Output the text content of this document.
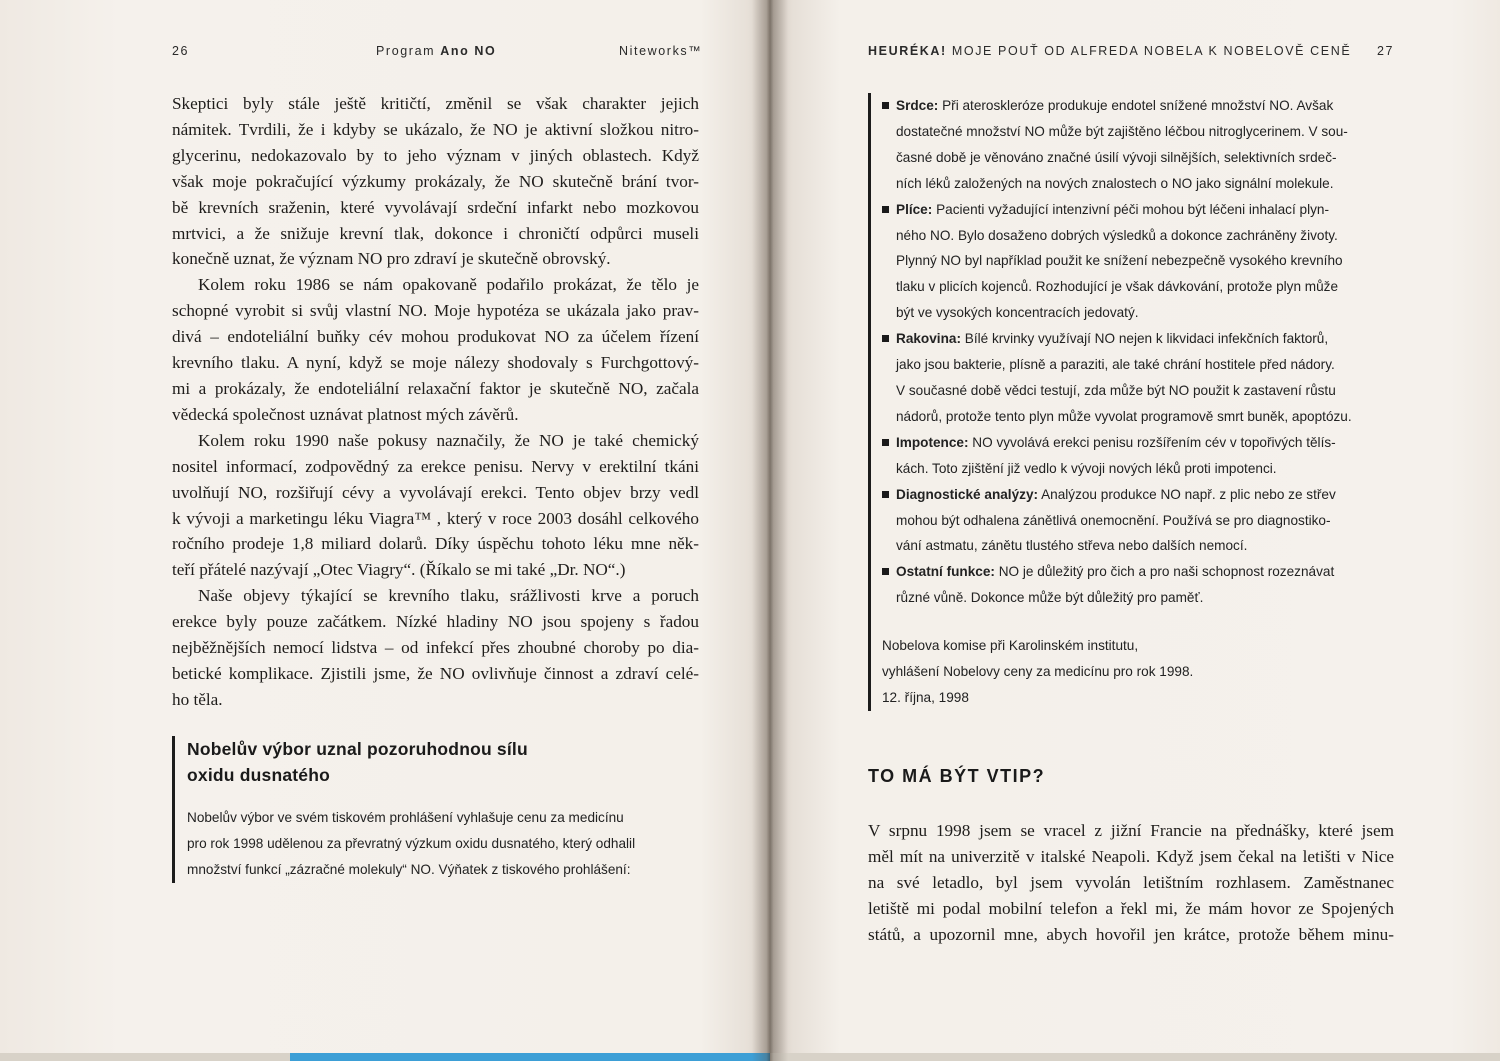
26	Program Ano NO	Niteworks™

Skeptici byly stále ještě kritičtí, změnil se však charakter jejich
námitek. Tvrdili, že i kdyby se ukázalo, že NO je aktivní složkou nitro-
glycerinu, nedokazovalo by to jeho význam v jiných oblastech. Když
však moje pokračující výzkumy prokázaly, že NO skutečně brání tvor-
bě krevních sraženin, které vyvolávají srdeční infarkt nebo mozkovou
mrtvici, a že snižuje krevní tlak, dokonce i chroničtí odpůrci museli
konečně uznat, že význam NO pro zdraví je skutečně obrovský.

Kolem roku 1986 se nám opakovaně podařilo prokázat, že tělo je
schopné vyrobit si svůj vlastní NO. Moje hypotéza se ukázala jako prav-
divá – endoteliální buňky cév mohou produkovat NO za účelem řízení
krevního tlaku. A nyní, když se moje nálezy shodovaly s Furchgottový-
mi a prokázaly, že endoteliální relaxační faktor je skutečně NO, začala
vědecká společnost uznávat platnost mých závěrů.

Kolem roku 1990 naše pokusy naznačily, že NO je také chemický
nositel informací, zodpovědný za erekce penisu. Nervy v erektilní tkáni
uvolňují NO, rozšiřují cévy a vyvolávají erekci. Tento objev brzy vedl
k vývoji a marketingu léku Viagra™ , který v roce 2003 dosáhl celkového
ročního prodeje 1,8 miliard dolarů. Díky úspěchu tohoto léku mne něk-
teří přátelé nazývají „Otec Viagry“. (Říkalo se mi také „Dr. NO“.)

Naše objevy týkající se krevního tlaku, srážlivosti krve a poruch
erekce byly pouze začátkem. Nízké hladiny NO jsou spojeny s řadou
nejběžnějších nemocí lidstva – od infekcí přes zhoubné choroby po dia-
betické komplikace. Zjistili jsme, že NO ovlivňuje činnost a zdraví celé-
ho těla.

Nobelův výbor uznal pozoruhodnou sílu
oxidu dusnatého
Nobelův výbor ve svém tiskovém prohlášení vyhlašuje cenu za medicínu
pro rok 1998 udělenou za převratný výzkum oxidu dusnatého, který odhalil
množství funkcí „zázračné molekuly“ NO. Výňatek z tiskového prohlášení:
HEURÉKA! MOJE POUŤ OD ALFREDA NOBELA K NOBELOVĚ CENĚ 27
Srdce: Při ateroskleróze produkuje endotel snížené množství NO. Avšak
dostatečné množství NO může být zajištěno léčbou nitroglycerinem. V sou-
časné době je věnováno značné úsilí vývoji silnějších, selektivních srdeč-
ních léků založených na nových znalostech o NO jako signální molekule.
Plíce: Pacienti vyžadující intenzivní péči mohou být léčeni inhalací plyn-
ného NO. Bylo dosaženo dobrých výsledků a dokonce zachráněny životy.
Plynný NO byl například použit ke snížení nebezpečně vysokého krevního
tlaku v plicích kojenců. Rozhodující je však dávkování, protože plyn může
být ve vysokých koncentracích jedovatý.
Rakovina: Bílé krvinky využívají NO nejen k likvidaci infekčních faktorů,
jako jsou bakterie, plísně a paraziti, ale také chrání hostitele před nádory.
V současné době vědci testují, zda může být NO použit k zastavení růstu
nádorů, protože tento plyn může vyvolat programově smrt buněk, apoptózu.
Impotence: NO vyvolává erekci penisu rozšířením cév v topořivých tělís-
kách. Toto zjištění již vedlo k vývoji nových léků proti impotenci.
Diagnostické analýzy: Analýzou produkce NO např. z plic nebo ze střev
mohou být odhalena zánětlivá onemocnění. Používá se pro diagnostiko-
vání astmatu, zánětu tlustého střeva nebo dalších nemocí.
Ostatní funkce: NO je důležitý pro čich a pro naši schopnost rozeznávat
různé vůně. Dokonce může být důležitý pro paměť.
Nobelova komise při Karolinském institutu,
vyhlášení Nobelovy ceny za medicínu pro rok 1998.
12. října, 1998
TO MÁ BÝT VTIP?

V srpnu 1998 jsem se vracel z jižní Francie na přednášky, které jsem
měl mít na univerzitě v italské Neapoli. Když jsem čekal na letišti v Nice
na své letadlo, byl jsem vyvolán letištním rozhlasem. Zaměstnanec
letiště mi podal mobilní telefon a řekl mi, že mám hovor ze Spojených
států, a upozornil mne, abych hovořil jen krátce, protože během minu-
